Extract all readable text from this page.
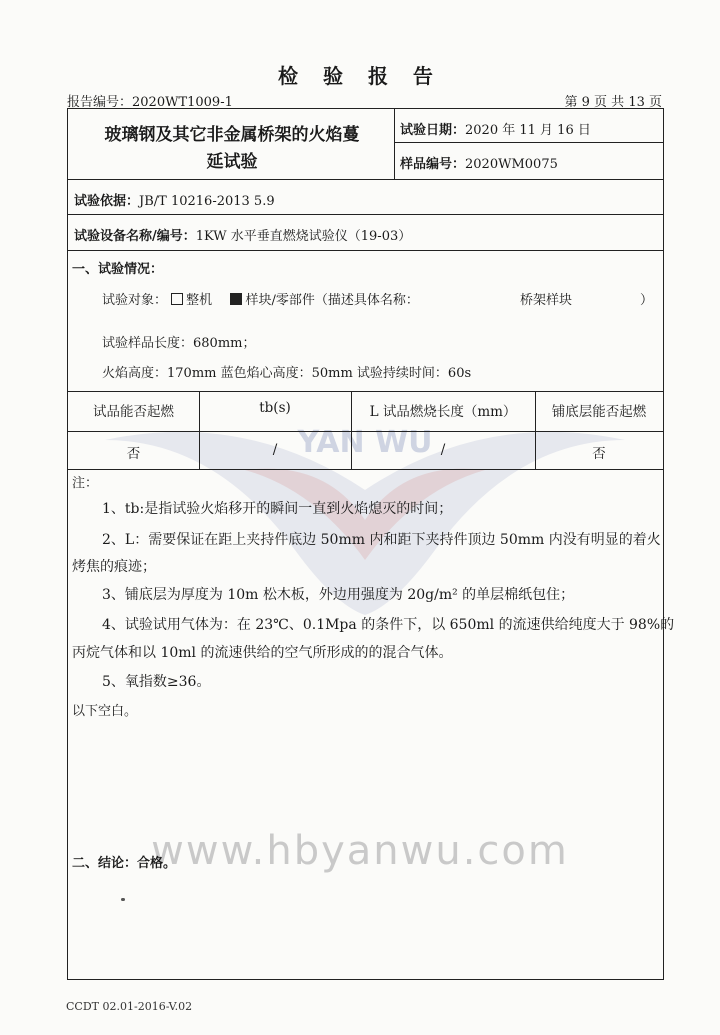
YAN WU
检 验 报 告
报告编号：2020WT1009-1	第 9 页 共 13 页
玻璃钢及其它非金属桥架的火焰蔓
延试验
试验日期：2020 年 11 月 16 日
样品编号：2020WM0075
试验依据：JB/T 10216-2013 5.9
试验设备名称/编号：1KW 水平垂直燃烧试验仪（19-03）
一、试验情况：
试验对象： 整机	样块/零部件（描述具体名称：	桥架样块	）
试验样品长度：680mm；
火焰高度：170mm 蓝色焰心高度：50mm 试验持续时间：60s
试品能否起燃	tb(s)	L 试品燃烧长度（mm）	铺底层能否起燃
否	/	/	否
注：
1、tb:是指试验火焰移开的瞬间一直到火焰熄灭的时间；
2、L：需要保证在距上夹持件底边 50mm 内和距下夹持件顶边 50mm 内没有明显的着火
烤焦的痕迹；
3、铺底层为厚度为 10m 松木板，外边用强度为 20g/m² 的单层棉纸包住；
4、试验试用气体为：在 23℃、0.1Mpa 的条件下，以 650ml 的流速供给纯度大于 98%的
丙烷气体和以 10ml 的流速供给的空气所形成的的混合气体。
5、氧指数≥36。
以下空白。
www.hbyanwu.com
二、结论：合格。
CCDT 02.01-2016-V.02
